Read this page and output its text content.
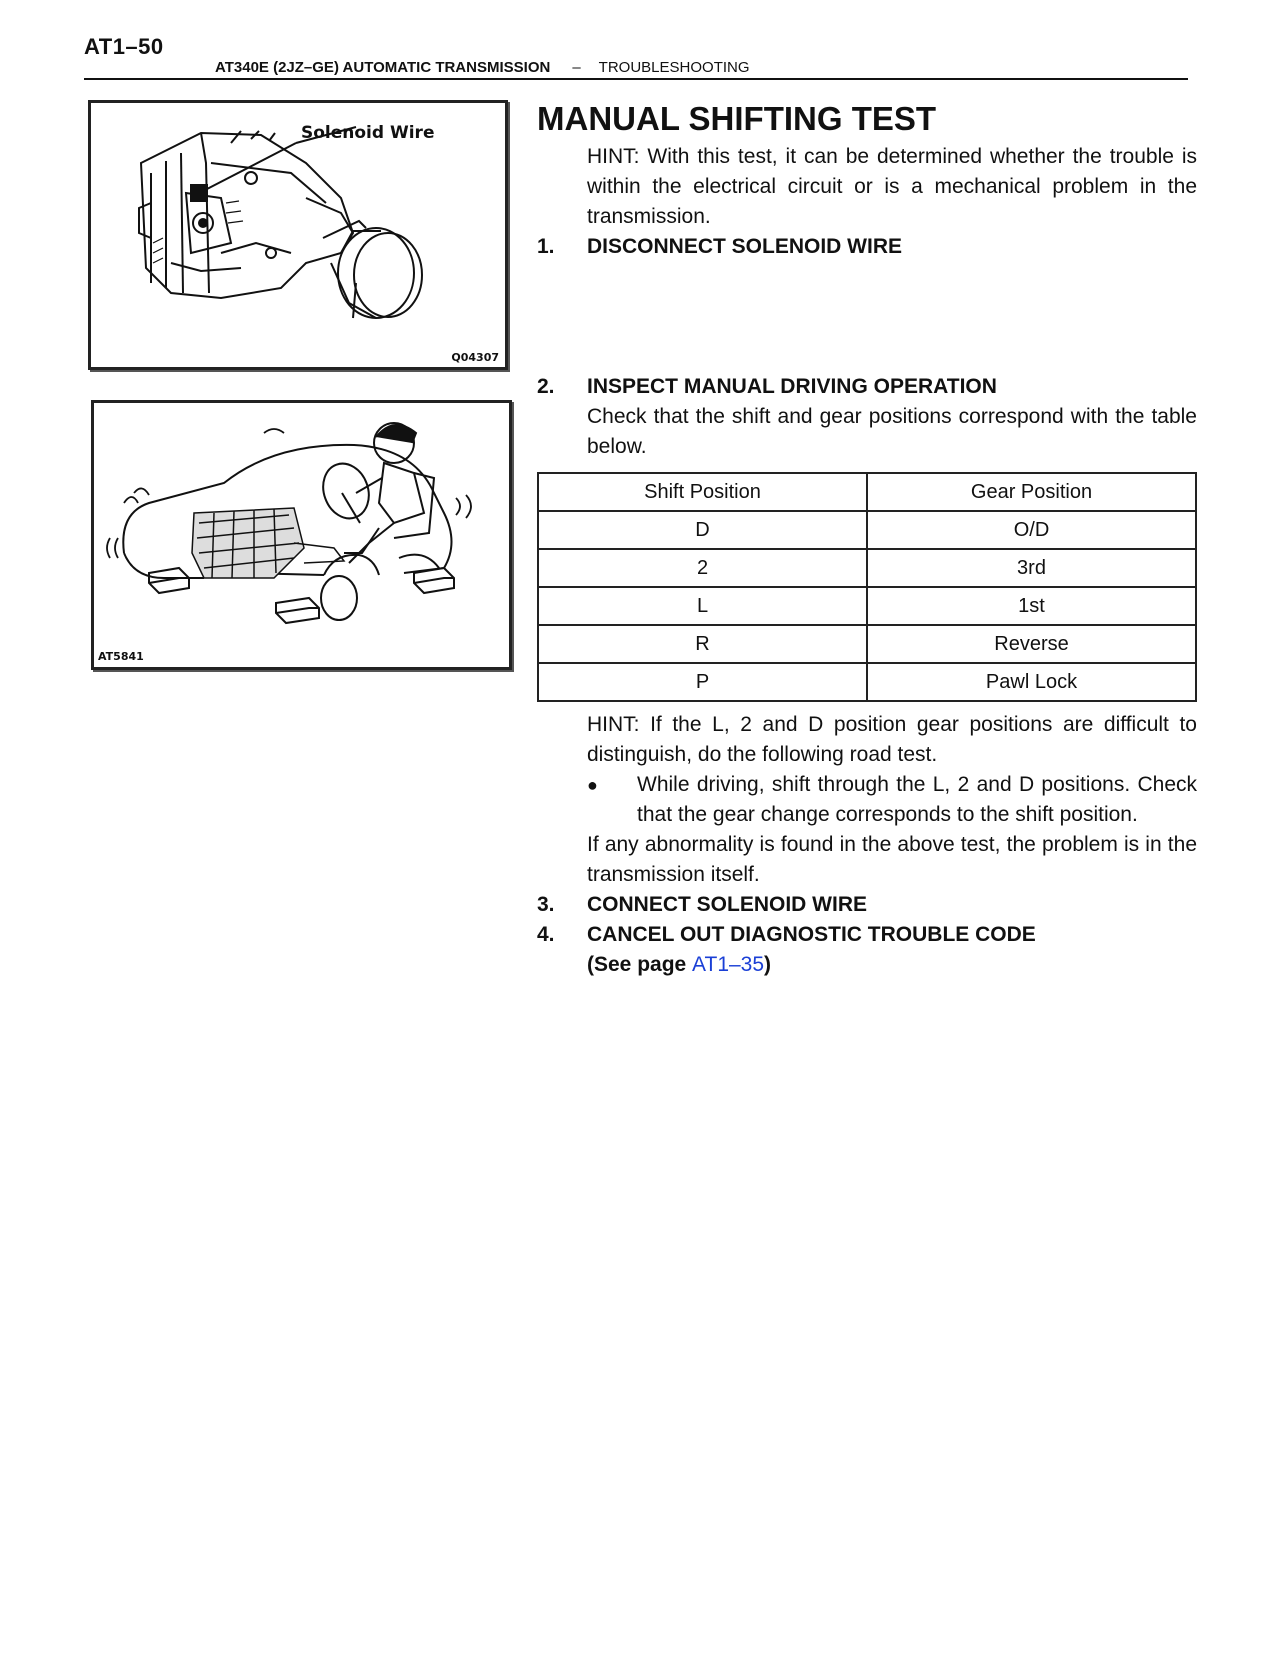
AT1–50
AT340E (2JZ–GE) AUTOMATIC TRANSMISSION – TROUBLESHOOTING
Solenoid Wire
Q04307
AT5841
MANUAL SHIFTING TEST
HINT: With this test, it can be determined whether the trouble is within the electrical circuit or is a mechanical problem in the transmission.
1.	DISCONNECT SOLENOID WIRE
2.	INSPECT MANUAL DRIVING OPERATION
Check that the shift and gear positions correspond with the table below.
Shift Position	Gear Position
D	O/D
2	3rd
L	1st
R	Reverse
P	Pawl Lock
HINT: If the L, 2 and D position gear positions are difficult to distinguish, do the following road test.
●	While driving, shift through the L, 2 and D positions. Check that the gear change corresponds to the shift position.
If any abnormality is found in the above test, the problem is in the transmission itself.
3.	CONNECT SOLENOID WIRE
4.	CANCEL OUT DIAGNOSTIC TROUBLE CODE
(See page AT1–35)
